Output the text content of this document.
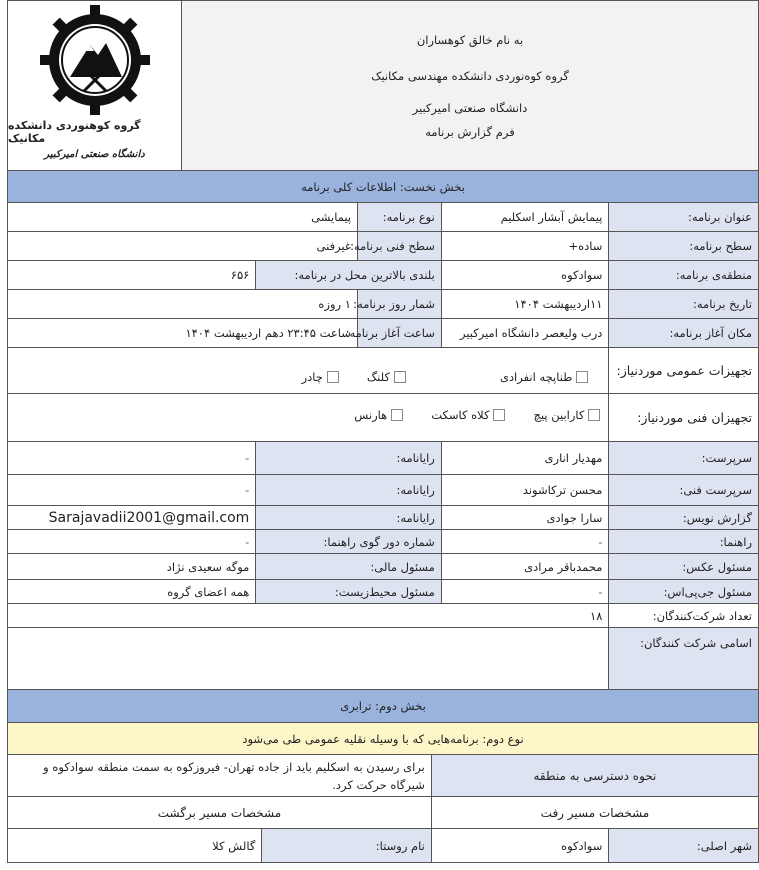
گروه کوهنوردی دانشکده مکانیک
دانشگاه صنعتی امیرکبیر
به نام خالق کوهساران
گروه کوه‌نوردی دانشکده مهندسی مکانیک
دانشگاه صنعتی امیرکبیر
فرم گزارش برنامه
بخش نخست: اطلاعات کلی برنامه
عنوان برنامه:
پیمایش آبشار اسکلیم
نوع برنامه:
پیمایشی
سطح برنامه:
ساده+
سطح فنی برنامه:
غیرفنی
منطقه‌ی برنامه:
سوادکوه
بلندی بالاترین محل در برنامه:
۶۵۶
تاریخ برنامه:
۱۱اردیبهشت ۱۴۰۴
شمار روز برنامه:
۱ روزه
مکان آغاز برنامه:
درب ولیعصر دانشگاه امیرکبیر
ساعت آغاز برنامه:
ساعت ۲۳:۴۵ دهم اردیبهشت ۱۴۰۴
تجهیزات عمومی موردنیاز:
طناپچه انفرادی
کلنگ
چادر
تجهیزان فنی موردنیاز:
کارابین پیچ
کلاه کاسکت
هارنس
سرپرست:
مهدیار اناری
رایانامه:
-
سرپرست فنی:
محسن ترکاشوند
رایانامه:
-
گزارش نویس:
سارا جوادی
رایانامه:
Sarajavadii2001@gmail.com
راهنما:
-
شماره دور گوی راهنما:
-
مسئول عکس:
محمدباقر مرادی
مسئول مالی:
موگه سعیدی نژاد
مسئول جی‌پی‌اس:
-
مسئول محیط‌زیست:
همه اعضای گروه
تعداد شرکت‌کنندگان:
۱۸
اسامی شرکت کنندگان:
بخش دوم: ترابری
نوع دوم: برنامه‌هایی که با وسیله نقلیه عمومی طی می‌شود
نحوه دسترسی به منطقه
برای رسیدن به اسکلیم باید از جاده تهران- فیروزکوه به سمت منطقه سوادکوه و شیرگاه حرکت کرد.
مشخصات مسیر رفت
مشخصات مسیر برگشت
شهر اصلی:
سوادکوه
نام روستا:
گالش کلا
